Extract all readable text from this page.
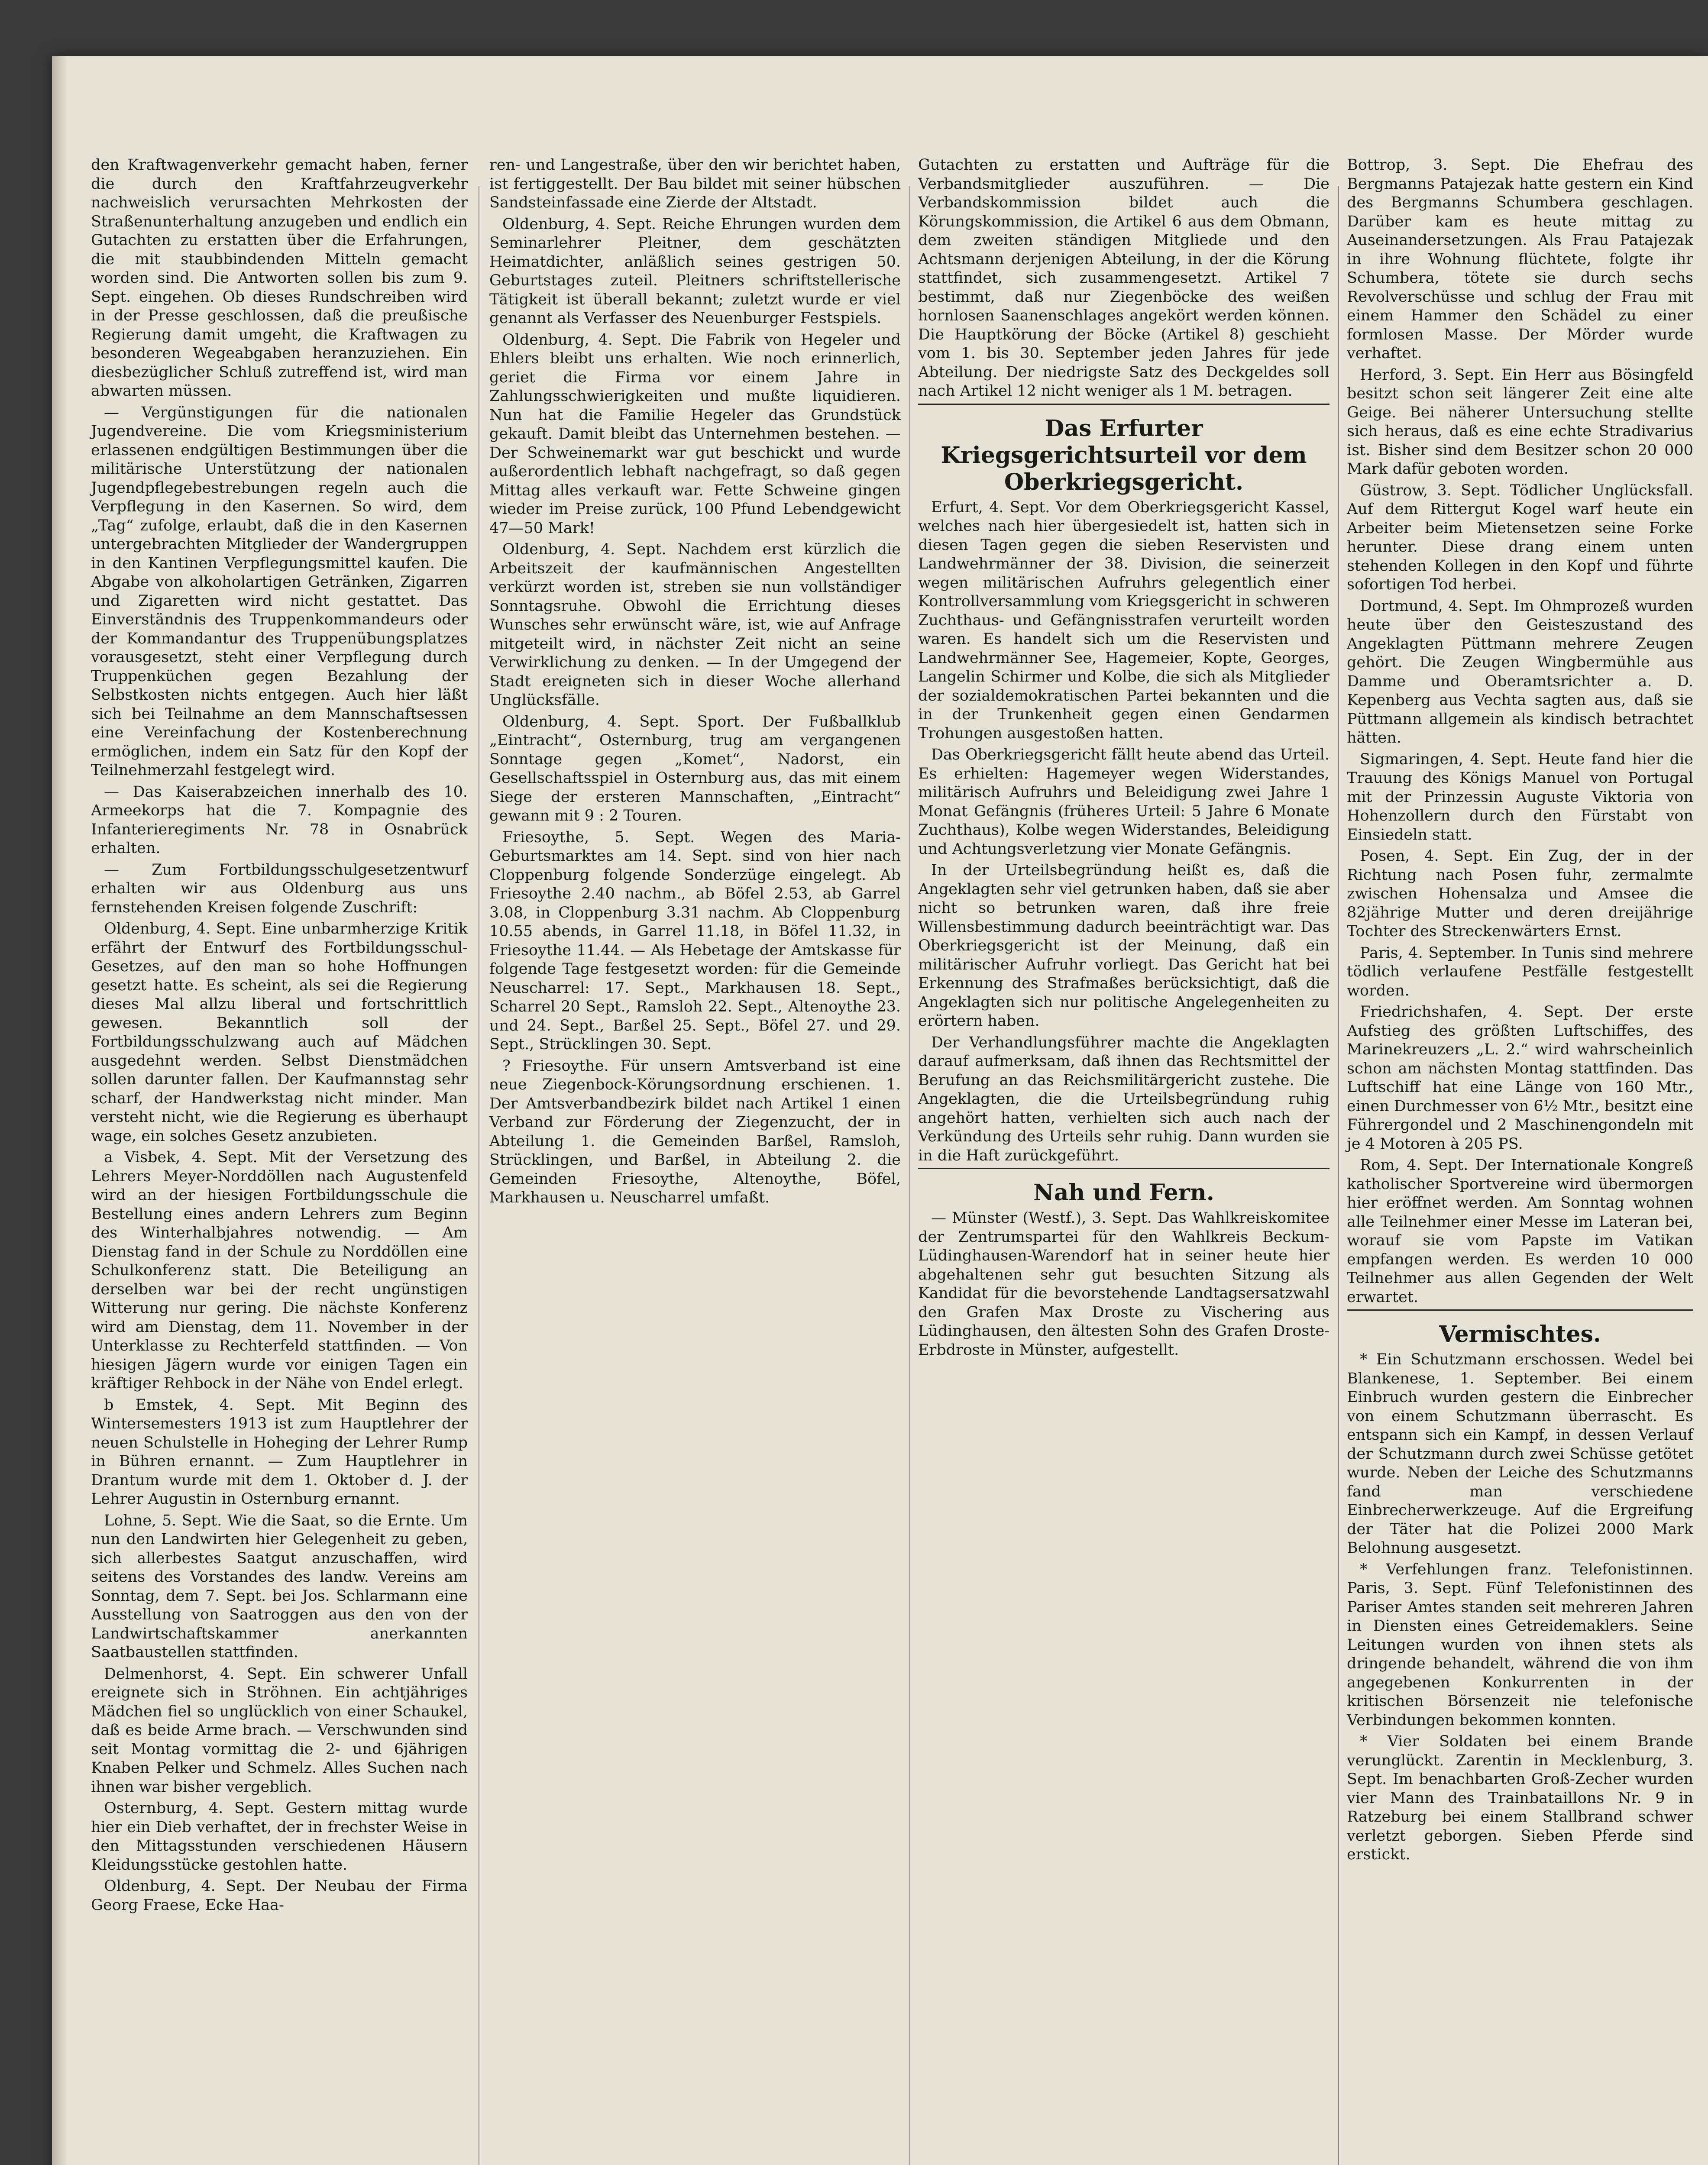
den Kraftwagenverkehr gemacht haben, ferner die durch den Kraftfahrzeugverkehr nachweislich verursachten Mehrkosten der Straßenunterhaltung anzugeben und endlich ein Gutachten zu erstatten über die Erfahrungen, die mit staubbindenden Mitteln gemacht worden sind. Die Antworten sollen bis zum 9. Sept. eingehen. Ob dieses Rundschreiben wird in der Presse geschlossen, daß die preußische Regierung damit umgeht, die Kraftwagen zu besonderen Wegeabgaben heranzuziehen. Ein diesbezüglicher Schluß zutreffend ist, wird man abwarten müssen.

— Vergünstigungen für die nationalen Jugendvereine. Die vom Kriegsministerium erlassenen endgültigen Bestimmungen über die militärische Unterstützung der nationalen Jugendpflegebestrebungen regeln auch die Verpflegung in den Kasernen. So wird, dem „Tag“ zufolge, erlaubt, daß die in den Kasernen untergebrachten Mitglieder der Wandergruppen in den Kantinen Verpflegungsmittel kaufen. Die Abgabe von alkoholartigen Getränken, Zigarren und Zigaretten wird nicht gestattet. Das Einverständnis des Truppenkommandeurs oder der Kommandantur des Truppenübungsplatzes vorausgesetzt, steht einer Verpflegung durch Truppenküchen gegen Bezahlung der Selbstkosten nichts entgegen. Auch hier läßt sich bei Teilnahme an dem Mannschaftsessen eine Vereinfachung der Kostenberechnung ermöglichen, indem ein Satz für den Kopf der Teilnehmerzahl festgelegt wird.

— Das Kaiserabzeichen innerhalb des 10. Armeekorps hat die 7. Kompagnie des Infanterieregiments Nr. 78 in Osnabrück erhalten.

— Zum Fortbildungsschulgesetzentwurf erhalten wir aus Oldenburg aus uns fernstehenden Kreisen folgende Zuschrift:

Oldenburg, 4. Sept. Eine unbarmherzige Kritik erfährt der Entwurf des Fortbildungsschul-Gesetzes, auf den man so hohe Hoffnungen gesetzt hatte. Es scheint, als sei die Regierung dieses Mal allzu liberal und fortschrittlich gewesen. Bekanntlich soll der Fortbildungsschulzwang auch auf Mädchen ausgedehnt werden. Selbst Dienstmädchen sollen darunter fallen. Der Kaufmannstag sehr scharf, der Handwerkstag nicht minder. Man versteht nicht, wie die Regierung es überhaupt wage, ein solches Gesetz anzubieten.

a Visbek, 4. Sept. Mit der Versetzung des Lehrers Meyer-Norddöllen nach Augustenfeld wird an der hiesigen Fortbildungsschule die Bestellung eines andern Lehrers zum Beginn des Winterhalbjahres notwendig. — Am Dienstag fand in der Schule zu Norddöllen eine Schulkonferenz statt. Die Beteiligung an derselben war bei der recht ungünstigen Witterung nur gering. Die nächste Konferenz wird am Dienstag, dem 11. November in der Unterklasse zu Rechterfeld stattfinden. — Von hiesigen Jägern wurde vor einigen Tagen ein kräftiger Rehbock in der Nähe von Endel erlegt.

b Emstek, 4. Sept. Mit Beginn des Wintersemesters 1913 ist zum Hauptlehrer der neuen Schulstelle in Hoheging der Lehrer Rump in Bühren ernannt. — Zum Hauptlehrer in Drantum wurde mit dem 1. Oktober d. J. der Lehrer Augustin in Osternburg ernannt.

Lohne, 5. Sept. Wie die Saat, so die Ernte. Um nun den Landwirten hier Gelegenheit zu geben, sich allerbestes Saatgut anzuschaffen, wird seitens des Vorstandes des landw. Vereins am Sonntag, dem 7. Sept. bei Jos. Schlarmann eine Ausstellung von Saatroggen aus den von der Landwirtschaftskammer anerkannten Saatbaustellen stattfinden.

Delmenhorst, 4. Sept. Ein schwerer Unfall ereignete sich in Ströhnen. Ein achtjähriges Mädchen fiel so unglücklich von einer Schaukel, daß es beide Arme brach. — Verschwunden sind seit Montag vormittag die 2- und 6jährigen Knaben Pelker und Schmelz. Alles Suchen nach ihnen war bisher vergeblich.

Osternburg, 4. Sept. Gestern mittag wurde hier ein Dieb verhaftet, der in frechster Weise in den Mittagsstunden verschiedenen Häusern Kleidungsstücke gestohlen hatte.

Oldenburg, 4. Sept. Der Neubau der Firma Georg Fraese, Ecke Haa-

ren- und Langestraße, über den wir berichtet haben, ist fertiggestellt. Der Bau bildet mit seiner hübschen Sandsteinfassade eine Zierde der Altstadt.

Oldenburg, 4. Sept. Reiche Ehrungen wurden dem Seminarlehrer Pleitner, dem geschätzten Heimatdichter, anläßlich seines gestrigen 50. Geburtstages zuteil. Pleitners schriftstellerische Tätigkeit ist überall bekannt; zuletzt wurde er viel genannt als Verfasser des Neuenburger Festspiels.

Oldenburg, 4. Sept. Die Fabrik von Hegeler und Ehlers bleibt uns erhalten. Wie noch erinnerlich, geriet die Firma vor einem Jahre in Zahlungsschwierigkeiten und mußte liquidieren. Nun hat die Familie Hegeler das Grundstück gekauft. Damit bleibt das Unternehmen bestehen. — Der Schweinemarkt war gut beschickt und wurde außerordentlich lebhaft nachgefragt, so daß gegen Mittag alles verkauft war. Fette Schweine gingen wieder im Preise zurück, 100 Pfund Lebendgewicht 47—50 Mark!

Oldenburg, 4. Sept. Nachdem erst kürzlich die Arbeitszeit der kaufmännischen Angestellten verkürzt worden ist, streben sie nun vollständiger Sonntagsruhe. Obwohl die Errichtung dieses Wunsches sehr erwünscht wäre, ist, wie auf Anfrage mitgeteilt wird, in nächster Zeit nicht an seine Verwirklichung zu denken. — In der Umgegend der Stadt ereigneten sich in dieser Woche allerhand Unglücksfälle.

Oldenburg, 4. Sept. Sport. Der Fußballklub „Eintracht“, Osternburg, trug am vergangenen Sonntage gegen „Komet“, Nadorst, ein Gesellschaftsspiel in Osternburg aus, das mit einem Siege der ersteren Mannschaften, „Eintracht“ gewann mit 9 : 2 Touren.

Friesoythe, 5. Sept. Wegen des Maria-Geburtsmarktes am 14. Sept. sind von hier nach Cloppenburg folgende Sonderzüge eingelegt. Ab Friesoythe 2.40 nachm., ab Böfel 2.53, ab Garrel 3.08, in Cloppenburg 3.31 nachm. Ab Cloppenburg 10.55 abends, in Garrel 11.18, in Böfel 11.32, in Friesoythe 11.44. — Als Hebetage der Amtskasse für folgende Tage festgesetzt worden: für die Gemeinde Neuscharrel: 17. Sept., Markhausen 18. Sept., Scharrel 20 Sept., Ramsloh 22. Sept., Altenoythe 23. und 24. Sept., Barßel 25. Sept., Böfel 27. und 29. Sept., Strücklingen 30. Sept.

? Friesoythe. Für unsern Amtsverband ist eine neue Ziegenbock-Körungsordnung erschienen. 1. Der Amtsverbandbezirk bildet nach Artikel 1 einen Verband zur Förderung der Ziegenzucht, der in Abteilung 1. die Gemeinden Barßel, Ramsloh, Strücklingen, und Barßel, in Abteilung 2. die Gemeinden Friesoythe, Altenoythe, Böfel, Markhausen u. Neuscharrel umfaßt.

Gutachten zu erstatten und Aufträge für die Verbandsmitglieder auszuführen. — Die Verbandskommission bildet auch die Körungskommission, die Artikel 6 aus dem Obmann, dem zweiten ständigen Mitgliede und den Achtsmann derjenigen Abteilung, in der die Körung stattfindet, sich zusammengesetzt. Artikel 7 bestimmt, daß nur Ziegenböcke des weißen hornlosen Saanenschlages angekört werden können. Die Hauptkörung der Böcke (Artikel 8) geschieht vom 1. bis 30. September jeden Jahres für jede Abteilung. Der niedrigste Satz des Deckgeldes soll nach Artikel 12 nicht weniger als 1 M. betragen.

Das Erfurter Kriegsgerichtsurteil vor dem Oberkriegsgericht.

Erfurt, 4. Sept. Vor dem Oberkriegsgericht Kassel, welches nach hier übergesiedelt ist, hatten sich in diesen Tagen gegen die sieben Reservisten und Landwehrmänner der 38. Division, die seinerzeit wegen militärischen Aufruhrs gelegentlich einer Kontrollversammlung vom Kriegsgericht in schweren Zuchthaus- und Gefängnisstrafen verurteilt worden waren. Es handelt sich um die Reservisten und Landwehrmänner See, Hagemeier, Kopte, Georges, Langelin Schirmer und Kolbe, die sich als Mitglieder der sozialdemokratischen Partei bekannten und die in der Trunkenheit gegen einen Gendarmen Trohungen ausgestoßen hatten.

Das Oberkriegsgericht fällt heute abend das Urteil. Es erhielten: Hagemeyer wegen Widerstandes, militärisch Aufruhrs und Beleidigung zwei Jahre 1 Monat Gefängnis (früheres Urteil: 5 Jahre 6 Monate Zuchthaus), Kolbe wegen Widerstandes, Beleidigung und Achtungsverletzung vier Monate Gefängnis.

In der Urteilsbegründung heißt es, daß die Angeklagten sehr viel getrunken haben, daß sie aber nicht so betrunken waren, daß ihre freie Willensbestimmung dadurch beeinträchtigt war. Das Oberkriegsgericht ist der Meinung, daß ein militärischer Aufruhr vorliegt. Das Gericht hat bei Erkennung des Strafmaßes berücksichtigt, daß die Angeklagten sich nur politische Angelegenheiten zu erörtern haben.

Der Verhandlungsführer machte die Angeklagten darauf aufmerksam, daß ihnen das Rechtsmittel der Berufung an das Reichsmilitärgericht zustehe. Die Angeklagten, die die Urteilsbegründung ruhig angehört hatten, verhielten sich auch nach der Verkündung des Urteils sehr ruhig. Dann wurden sie in die Haft zurückgeführt.

Nah und Fern.

— Münster (Westf.), 3. Sept. Das Wahlkreiskomitee der Zentrumspartei für den Wahlkreis Beckum-Lüdinghausen-Warendorf hat in seiner heute hier abgehaltenen sehr gut besuchten Sitzung als Kandidat für die bevorstehende Landtagsersatzwahl den Grafen Max Droste zu Vischering aus Lüdinghausen, den ältesten Sohn des Grafen Droste-Erbdroste in Münster, aufgestellt.

Bottrop, 3. Sept. Die Ehefrau des Bergmanns Patajezak hatte gestern ein Kind des Bergmanns Schumbera geschlagen. Darüber kam es heute mittag zu Auseinandersetzungen. Als Frau Patajezak in ihre Wohnung flüchtete, folgte ihr Schumbera, tötete sie durch sechs Revolverschüsse und schlug der Frau mit einem Hammer den Schädel zu einer formlosen Masse. Der Mörder wurde verhaftet.

Herford, 3. Sept. Ein Herr aus Bösingfeld besitzt schon seit längerer Zeit eine alte Geige. Bei näherer Untersuchung stellte sich heraus, daß es eine echte Stradivarius ist. Bisher sind dem Besitzer schon 20 000 Mark dafür geboten worden.

Güstrow, 3. Sept. Tödlicher Unglücksfall. Auf dem Rittergut Kogel warf heute ein Arbeiter beim Mietensetzen seine Forke herunter. Diese drang einem unten stehenden Kollegen in den Kopf und führte sofortigen Tod herbei.

Dortmund, 4. Sept. Im Ohmprozeß wurden heute über den Geisteszustand des Angeklagten Püttmann mehrere Zeugen gehört. Die Zeugen Wingbermühle aus Damme und Oberamtsrichter a. D. Kepenberg aus Vechta sagten aus, daß sie Püttmann allgemein als kindisch betrachtet hätten.

Sigmaringen, 4. Sept. Heute fand hier die Trauung des Königs Manuel von Portugal mit der Prinzessin Auguste Viktoria von Hohenzollern durch den Fürstabt von Einsiedeln statt.

Posen, 4. Sept. Ein Zug, der in der Richtung nach Posen fuhr, zermalmte zwischen Hohensalza und Amsee die 82jährige Mutter und deren dreijährige Tochter des Streckenwärters Ernst.

Paris, 4. September. In Tunis sind mehrere tödlich verlaufene Pestfälle festgestellt worden.

Friedrichshafen, 4. Sept. Der erste Aufstieg des größten Luftschiffes, des Marinekreuzers „L. 2.“ wird wahrscheinlich schon am nächsten Montag stattfinden. Das Luftschiff hat eine Länge von 160 Mtr., einen Durchmesser von 6½ Mtr., besitzt eine Führergondel und 2 Maschinengondeln mit je 4 Motoren à 205 PS.

Rom, 4. Sept. Der Internationale Kongreß katholischer Sportvereine wird übermorgen hier eröffnet werden. Am Sonntag wohnen alle Teilnehmer einer Messe im Lateran bei, worauf sie vom Papste im Vatikan empfangen werden. Es werden 10 000 Teilnehmer aus allen Gegenden der Welt erwartet.

Vermischtes.

* Ein Schutzmann erschossen. Wedel bei Blankenese, 1. September. Bei einem Einbruch wurden gestern die Einbrecher von einem Schutzmann überrascht. Es entspann sich ein Kampf, in dessen Verlauf der Schutzmann durch zwei Schüsse getötet wurde. Neben der Leiche des Schutzmanns fand man verschiedene Einbrecherwerkzeuge. Auf die Ergreifung der Täter hat die Polizei 2000 Mark Belohnung ausgesetzt.

* Verfehlungen franz. Telefonistinnen. Paris, 3. Sept. Fünf Telefonistinnen des Pariser Amtes standen seit mehreren Jahren in Diensten eines Getreidemaklers. Seine Leitungen wurden von ihnen stets als dringende behandelt, während die von ihm angegebenen Konkurrenten in der kritischen Börsenzeit nie telefonische Verbindungen bekommen konnten.

* Vier Soldaten bei einem Brande verunglückt. Zarentin in Mecklenburg, 3. Sept. Im benachbarten Groß-Zecher wurden vier Mann des Trainbataillons Nr. 9 in Ratzeburg bei einem Stallbrand schwer verletzt geborgen. Sieben Pferde sind erstickt.
